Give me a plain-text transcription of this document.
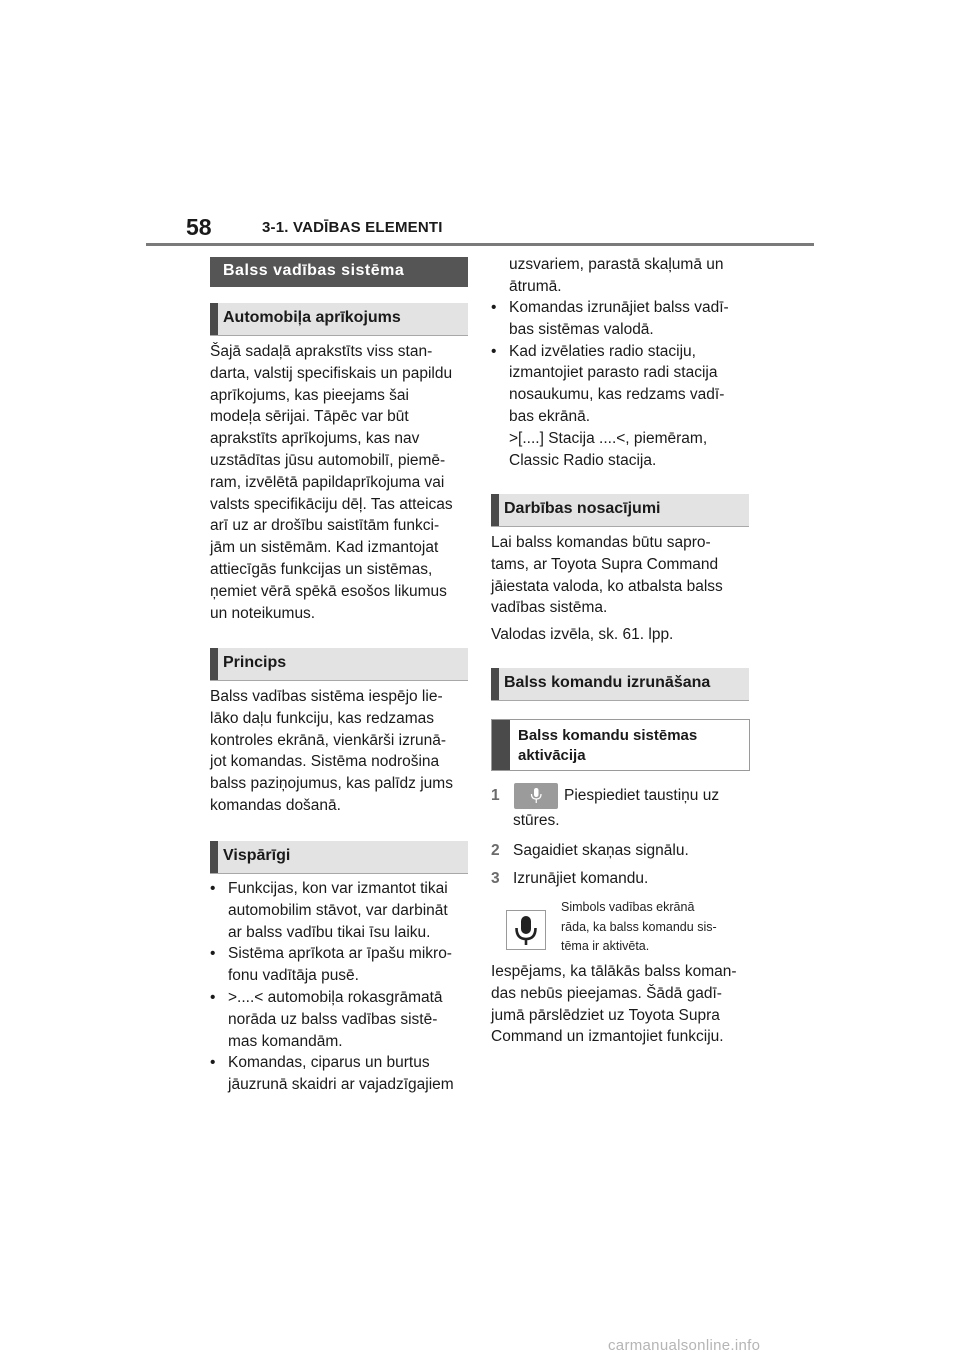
58	3-1. VADĪBAS ELEMENTI
Balss vadības sistēma
Automobiļa aprīkojums
Šajā sadaļā aprakstīts viss stan-
darta, valstij specifiskais un papildu
aprīkojums, kas pieejams šai
modeļa sērijai. Tāpēc var būt
aprakstīts aprīkojums, kas nav
uzstādītas jūsu automobilī, piemē-
ram, izvēlētā papildaprīkojuma vai
valsts specifikāciju dēļ. Tas atteicas
arī uz ar drošību saistītām funkci-
jām un sistēmām. Kad izmantojat
attiecīgās funkcijas un sistēmas,
ņemiet vērā spēkā esošos likumus
un noteikumus.
Princips
Balss vadības sistēma iespējo lie-
lāko daļu funkciju, kas redzamas
kontroles ekrānā, vienkārši izrunā-
jot komandas. Sistēma nodrošina
balss paziņojumus, kas palīdz jums
komandas došanā.
Vispārīgi
• Funkcijas, kon var izmantot tikai
automobilim stāvot, var darbināt
ar balss vadību tikai īsu laiku.
• Sistēma aprīkota ar īpašu mikro-
fonu vadītāja pusē.
• >....< automobiļa rokasgrāmatā
norāda uz balss vadības sistē-
mas komandām.
• Komandas, ciparus un burtus
jāuzrunā skaidri ar vajadzīgajiem
uzsvariem, parastā skaļumā un
ātrumā.
• Komandas izrunājiet balss vadī-
bas sistēmas valodā.
• Kad izvēlaties radio staciju,
izmantojiet parasto radi stacija
nosaukumu, kas redzams vadī-
bas ekrānā.
>[....] Stacija ....<, piemēram,
Classic Radio stacija.
Darbības nosacījumi
Lai balss komandas būtu sapro-
tams, ar Toyota Supra Command
jāiestata valoda, ko atbalsta balss
vadības sistēma.
Valodas izvēla, sk. 61. lpp.
Balss komandu izrunāšana
Balss komandu sistēmas
aktivācija
1	Piespiediet taustiņu uz
stūres.
2 Sagaidiet skaņas signālu.
3 Izrunājiet komandu.
Simbols vadības ekrānā
rāda, ka balss komandu sis-
tēma ir aktivēta.
Iespējams, ka tālākās balss koman-
das nebūs pieejamas. Šādā gadī-
jumā pārslēdziet uz Toyota Supra
Command un izmantojiet funkciju.
carmanualsonline.info
